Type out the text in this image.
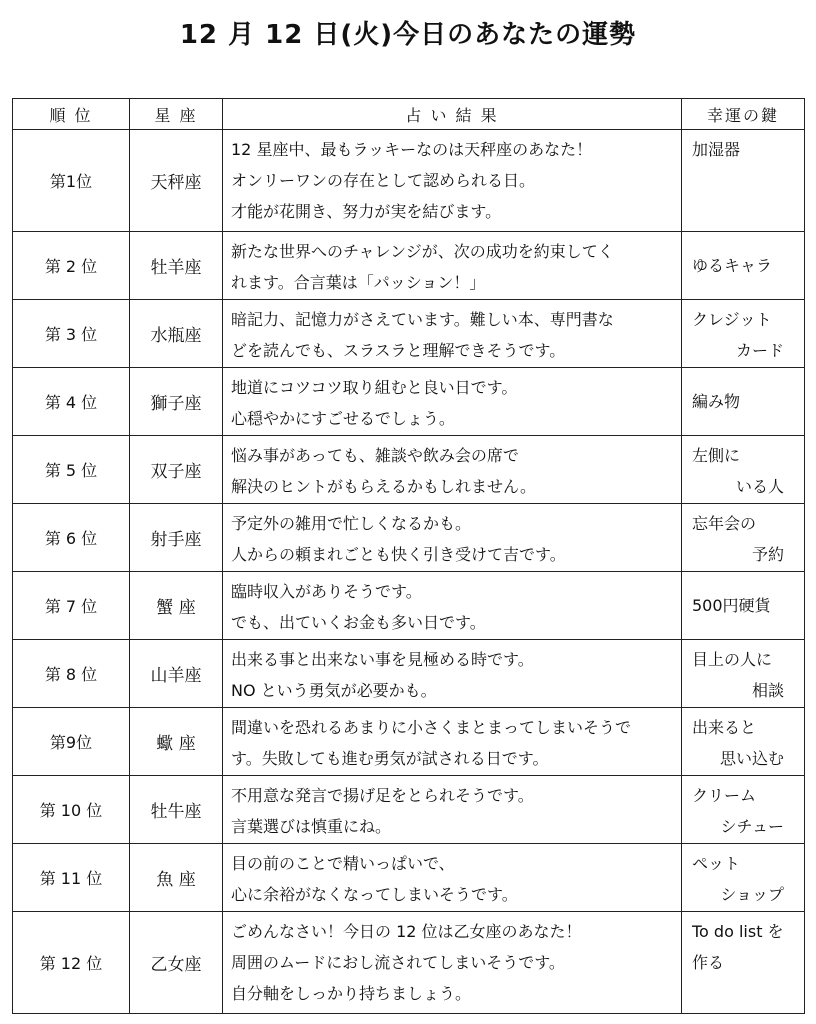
12 月 12 日(火)今日のあなたの運勢
順 位	星 座	占 い 結 果	幸運の鍵
第1位	天秤座	12 星座中、最もラッキーなのは天秤座のあなた！
オンリーワンの存在として認められる日。
才能が花開き、努力が実を結びます。	加湿器

第 2 位	牡羊座	新たな世界へのチャレンジが、次の成功を約束してく
れます。合言葉は「パッション！」	ゆるキャラ

第 3 位	水瓶座	暗記力、記憶力がさえています。難しい本、専門書な
どを読んでも、スラスラと理解できそうです。	クレジット
カード

第 4 位	獅子座	地道にコツコツ取り組むと良い日です。
心穏やかにすごせるでしょう。	編み物

第 5 位	双子座	悩み事があっても、雑談や飲み会の席で
解決のヒントがもらえるかもしれません。	左側に
いる人

第 6 位	射手座	予定外の雑用で忙しくなるかも。
人からの頼まれごとも快く引き受けて吉です。	忘年会の
予約

第 7 位	蟹 座	臨時収入がありそうです。
でも、出ていくお金も多い日です。	500円硬貨

第 8 位	山羊座	出来る事と出来ない事を見極める時です。
NO という勇気が必要かも。	目上の人に
相談

第9位	蠍 座	間違いを恐れるあまりに小さくまとまってしまいそうで
す。失敗しても進む勇気が試される日です。	出来ると
思い込む

第 10 位	牡牛座	不用意な発言で揚げ足をとられそうです。
言葉選びは慎重にね。	クリーム
シチュー

第 11 位	魚 座	目の前のことで精いっぱいで、
心に余裕がなくなってしまいそうです。	ペット
ショップ

第 12 位	乙女座	ごめんなさい！今日の 12 位は乙女座のあなた！
周囲のムードにおし流されてしまいそうです。
自分軸をしっかり持ちましょう。	To do list を
作る
